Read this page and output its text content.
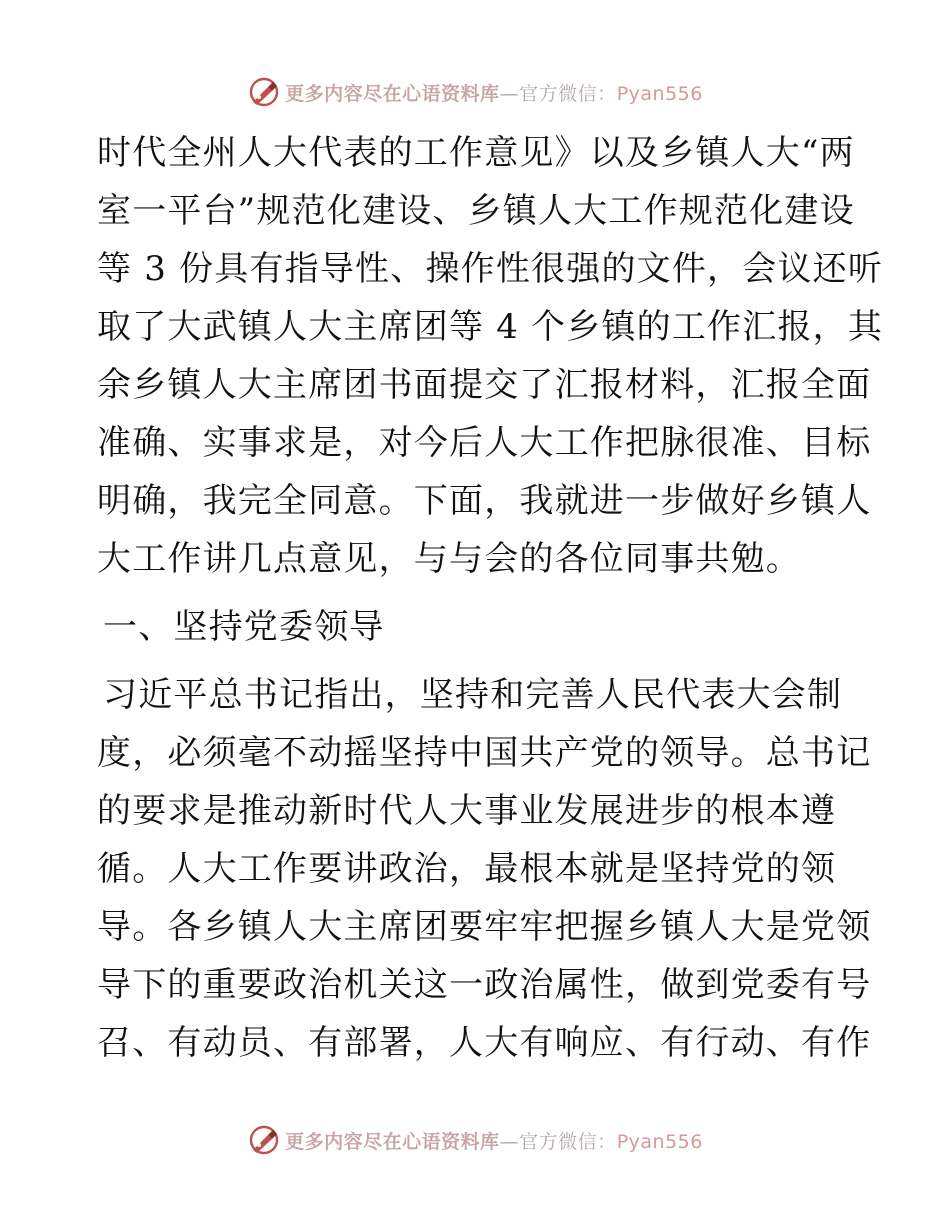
更多内容尽在心语资料库—官方微信：Pyan556
时代全州人大代表的工作意见》以及乡镇人大“两
室一平台”规范化建设、乡镇人大工作规范化建设
等 3 份具有指导性、操作性很强的文件，会议还听
取了大武镇人大主席团等 4 个乡镇的工作汇报，其
余乡镇人大主席团书面提交了汇报材料，汇报全面
准确、实事求是，对今后人大工作把脉很准、目标
明确，我完全同意。下面，我就进一步做好乡镇人
大工作讲几点意见，与与会的各位同事共勉。
一、坚持党委领导
习近平总书记指出，坚持和完善人民代表大会制
度，必须毫不动摇坚持中国共产党的领导。总书记
的要求是推动新时代人大事业发展进步的根本遵
循。人大工作要讲政治，最根本就是坚持党的领
导。各乡镇人大主席团要牢牢把握乡镇人大是党领
导下的重要政治机关这一政治属性，做到党委有号
召、有动员、有部署，人大有响应、有行动、有作
更多内容尽在心语资料库—官方微信：Pyan556
